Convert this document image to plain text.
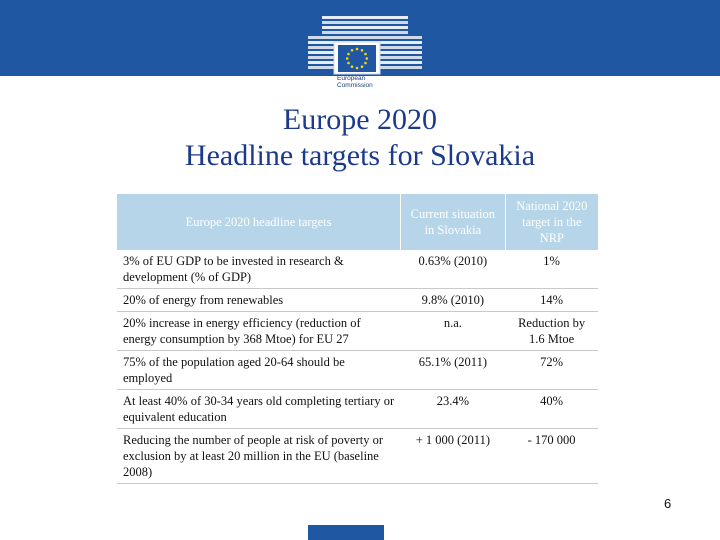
European
Commission
Europe 2020
Headline targets for Slovakia
Europe 2020 headline targets	Current situation in Slovakia	National 2020 target in the NRP
3% of EU GDP to be invested in research & development (% of GDP)	0.63% (2010)	1%
20% of energy from renewables	9.8% (2010)	14%
20% increase in energy efficiency (reduction of energy consumption by 368 Mtoe) for EU 27	n.a.	Reduction by 1.6 Mtoe
75% of the population aged 20-64 should be employed	65.1% (2011)	72%
At least 40% of 30-34 years old completing tertiary or equivalent education	23.4%	40%
Reducing the number of people at risk of poverty or exclusion by at least 20 million in the EU (baseline 2008)	+ 1 000 (2011)	- 170 000
6
